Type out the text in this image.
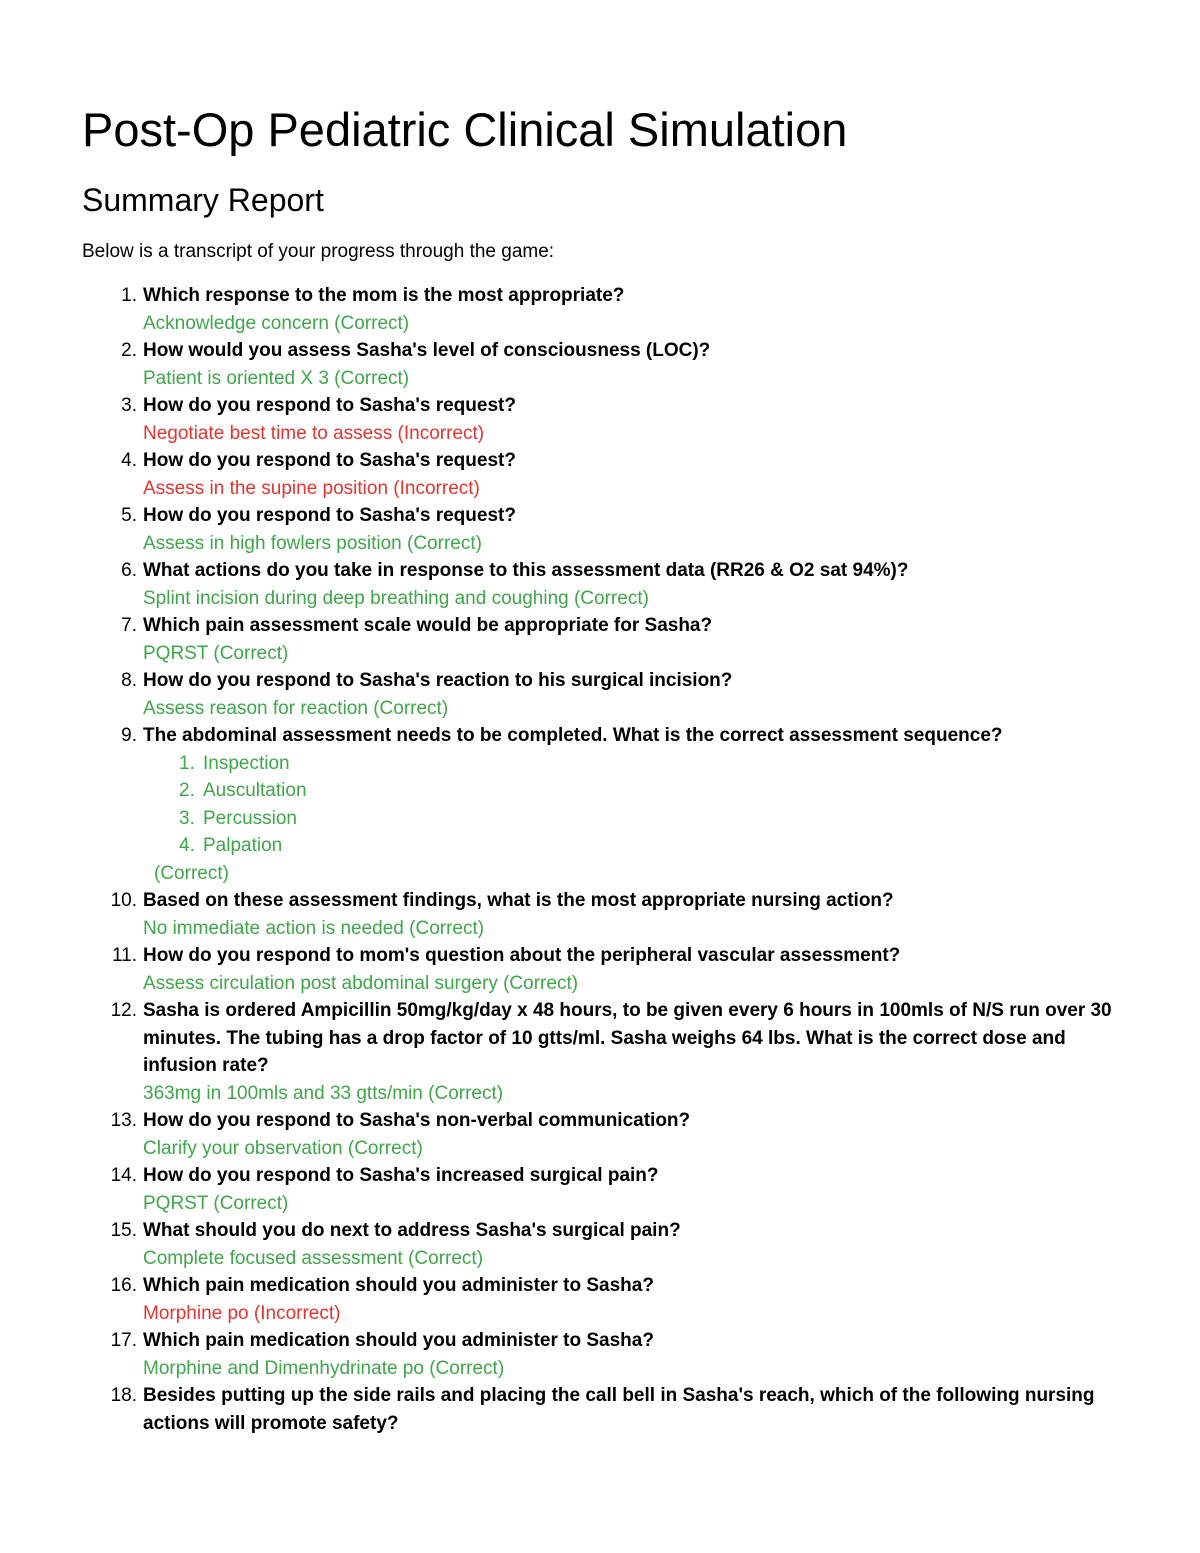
Post-Op Pediatric Clinical Simulation
Summary Report

Below is a transcript of your progress through the game:

1. Which response to the mom is the most appropriate?
Acknowledge concern (Correct)
2. How would you assess Sasha's level of consciousness (LOC)?
Patient is oriented X 3 (Correct)
3. How do you respond to Sasha's request?
Negotiate best time to assess (Incorrect)
4. How do you respond to Sasha's request?
Assess in the supine position (Incorrect)
5. How do you respond to Sasha's request?
Assess in high fowlers position (Correct)
6. What actions do you take in response to this assessment data (RR26 & O2 sat 94%)?
Splint incision during deep breathing and coughing (Correct)
7. Which pain assessment scale would be appropriate for Sasha?
PQRST (Correct)
8. How do you respond to Sasha's reaction to his surgical incision?
Assess reason for reaction (Correct)
9. The abdominal assessment needs to be completed. What is the correct assessment sequence?
1. Inspection
2. Auscultation
3. Percussion
4. Palpation
(Correct)
10. Based on these assessment findings, what is the most appropriate nursing action?
No immediate action is needed (Correct)
11. How do you respond to mom's question about the peripheral vascular assessment?
Assess circulation post abdominal surgery (Correct)
12. Sasha is ordered Ampicillin 50mg/kg/day x 48 hours, to be given every 6 hours in 100mls of N/S run over 30 minutes. The tubing has a drop factor of 10 gtts/ml. Sasha weighs 64 lbs. What is the correct dose and infusion rate?
363mg in 100mls and 33 gtts/min (Correct)
13. How do you respond to Sasha's non-verbal communication?
Clarify your observation (Correct)
14. How do you respond to Sasha's increased surgical pain?
PQRST (Correct)
15. What should you do next to address Sasha's surgical pain?
Complete focused assessment (Correct)
16. Which pain medication should you administer to Sasha?
Morphine po (Incorrect)
17. Which pain medication should you administer to Sasha?
Morphine and Dimenhydrinate po (Correct)
18. Besides putting up the side rails and placing the call bell in Sasha's reach, which of the following nursing actions will promote safety?
